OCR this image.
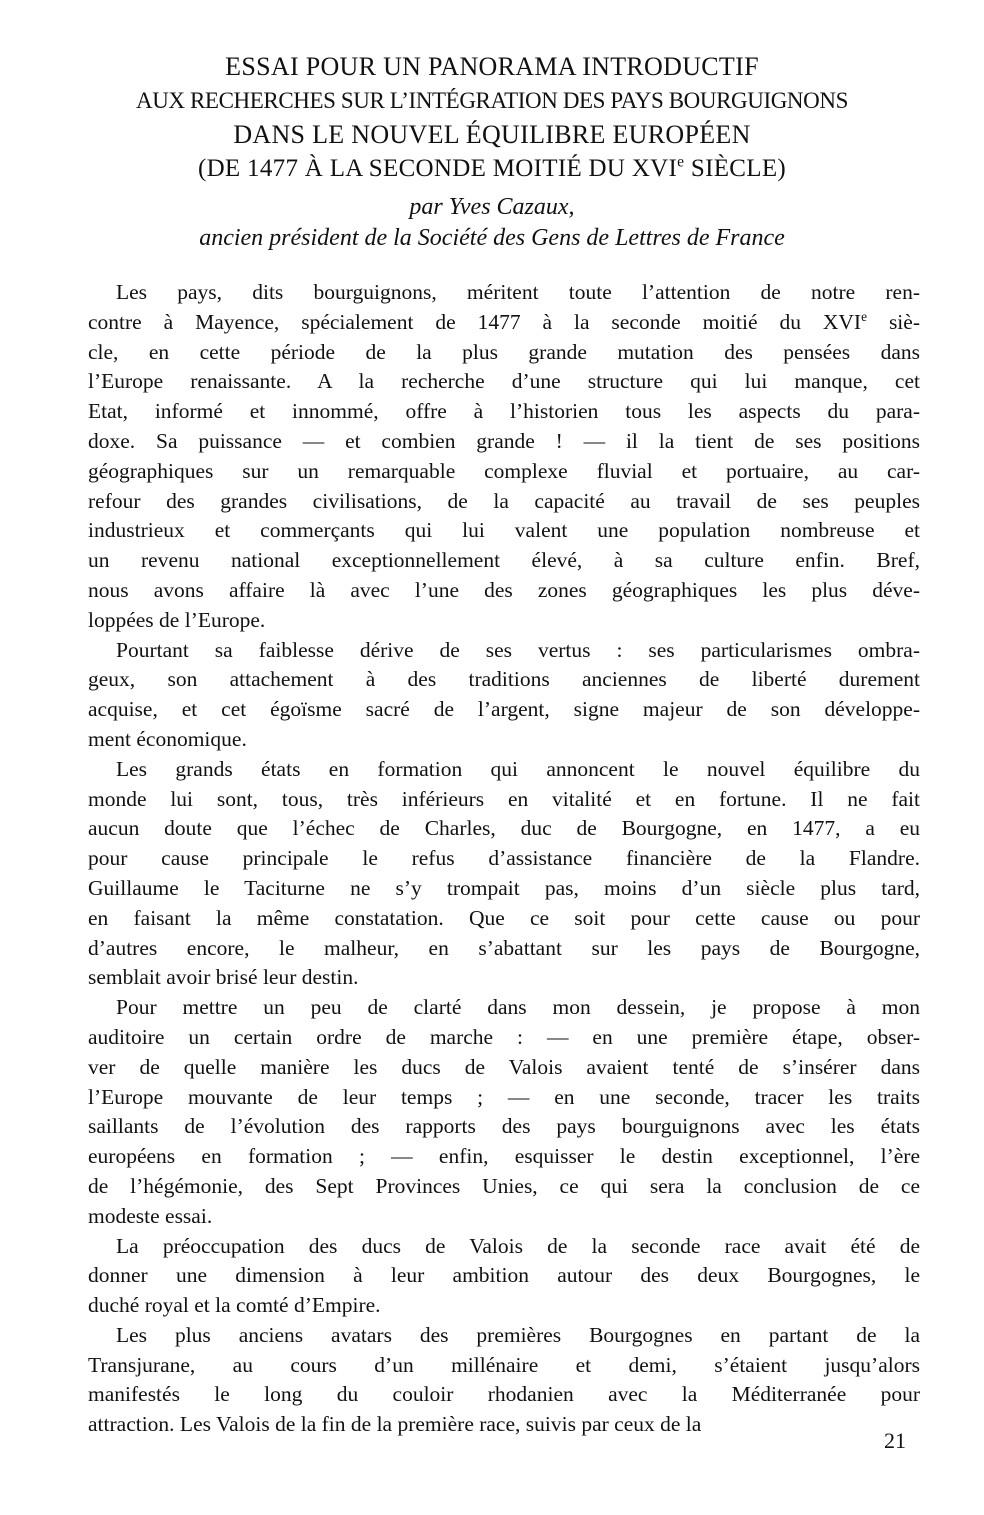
ESSAI POUR UN PANORAMA INTRODUCTIF
AUX RECHERCHES SUR L’INTÉGRATION DES PAYS BOURGUIGNONS
DANS LE NOUVEL ÉQUILIBRE EUROPÉEN
(DE 1477 À LA SECONDE MOITIÉ DU XVIe SIÈCLE)
par Yves Cazaux,
ancien président de la Société des Gens de Lettres de France
Les pays, dits bourguignons, méritent toute l’attention de notre ren-
contre à Mayence, spécialement de 1477 à la seconde moitié du XVIe siè-
cle, en cette période de la plus grande mutation des pensées dans
l’Europe renaissante. A la recherche d’une structure qui lui manque, cet
Etat, informé et innommé, offre à l’historien tous les aspects du para-
doxe. Sa puissance — et combien grande ! — il la tient de ses positions
géographiques sur un remarquable complexe fluvial et portuaire, au car-
refour des grandes civilisations, de la capacité au travail de ses peuples
industrieux et commerçants qui lui valent une population nombreuse et
un revenu national exceptionnellement élevé, à sa culture enfin. Bref,
nous avons affaire là avec l’une des zones géographiques les plus déve-
loppées de l’Europe.
Pourtant sa faiblesse dérive de ses vertus : ses particularismes ombra-
geux, son attachement à des traditions anciennes de liberté durement
acquise, et cet égoïsme sacré de l’argent, signe majeur de son développe-
ment économique.
Les grands états en formation qui annoncent le nouvel équilibre du
monde lui sont, tous, très inférieurs en vitalité et en fortune. Il ne fait
aucun doute que l’échec de Charles, duc de Bourgogne, en 1477, a eu
pour cause principale le refus d’assistance financière de la Flandre.
Guillaume le Taciturne ne s’y trompait pas, moins d’un siècle plus tard,
en faisant la même constatation. Que ce soit pour cette cause ou pour
d’autres encore, le malheur, en s’abattant sur les pays de Bourgogne,
semblait avoir brisé leur destin.
Pour mettre un peu de clarté dans mon dessein, je propose à mon
auditoire un certain ordre de marche : — en une première étape, obser-
ver de quelle manière les ducs de Valois avaient tenté de s’insérer dans
l’Europe mouvante de leur temps ; — en une seconde, tracer les traits
saillants de l’évolution des rapports des pays bourguignons avec les états
européens en formation ; — enfin, esquisser le destin exceptionnel, l’ère
de l’hégémonie, des Sept Provinces Unies, ce qui sera la conclusion de ce
modeste essai.
La préoccupation des ducs de Valois de la seconde race avait été de
donner une dimension à leur ambition autour des deux Bourgognes, le
duché royal et la comté d’Empire.
Les plus anciens avatars des premières Bourgognes en partant de la
Transjurane, au cours d’un millénaire et demi, s’étaient jusqu’alors
manifestés le long du couloir rhodanien avec la Méditerranée pour
attraction. Les Valois de la fin de la première race, suivis par ceux de la
21
